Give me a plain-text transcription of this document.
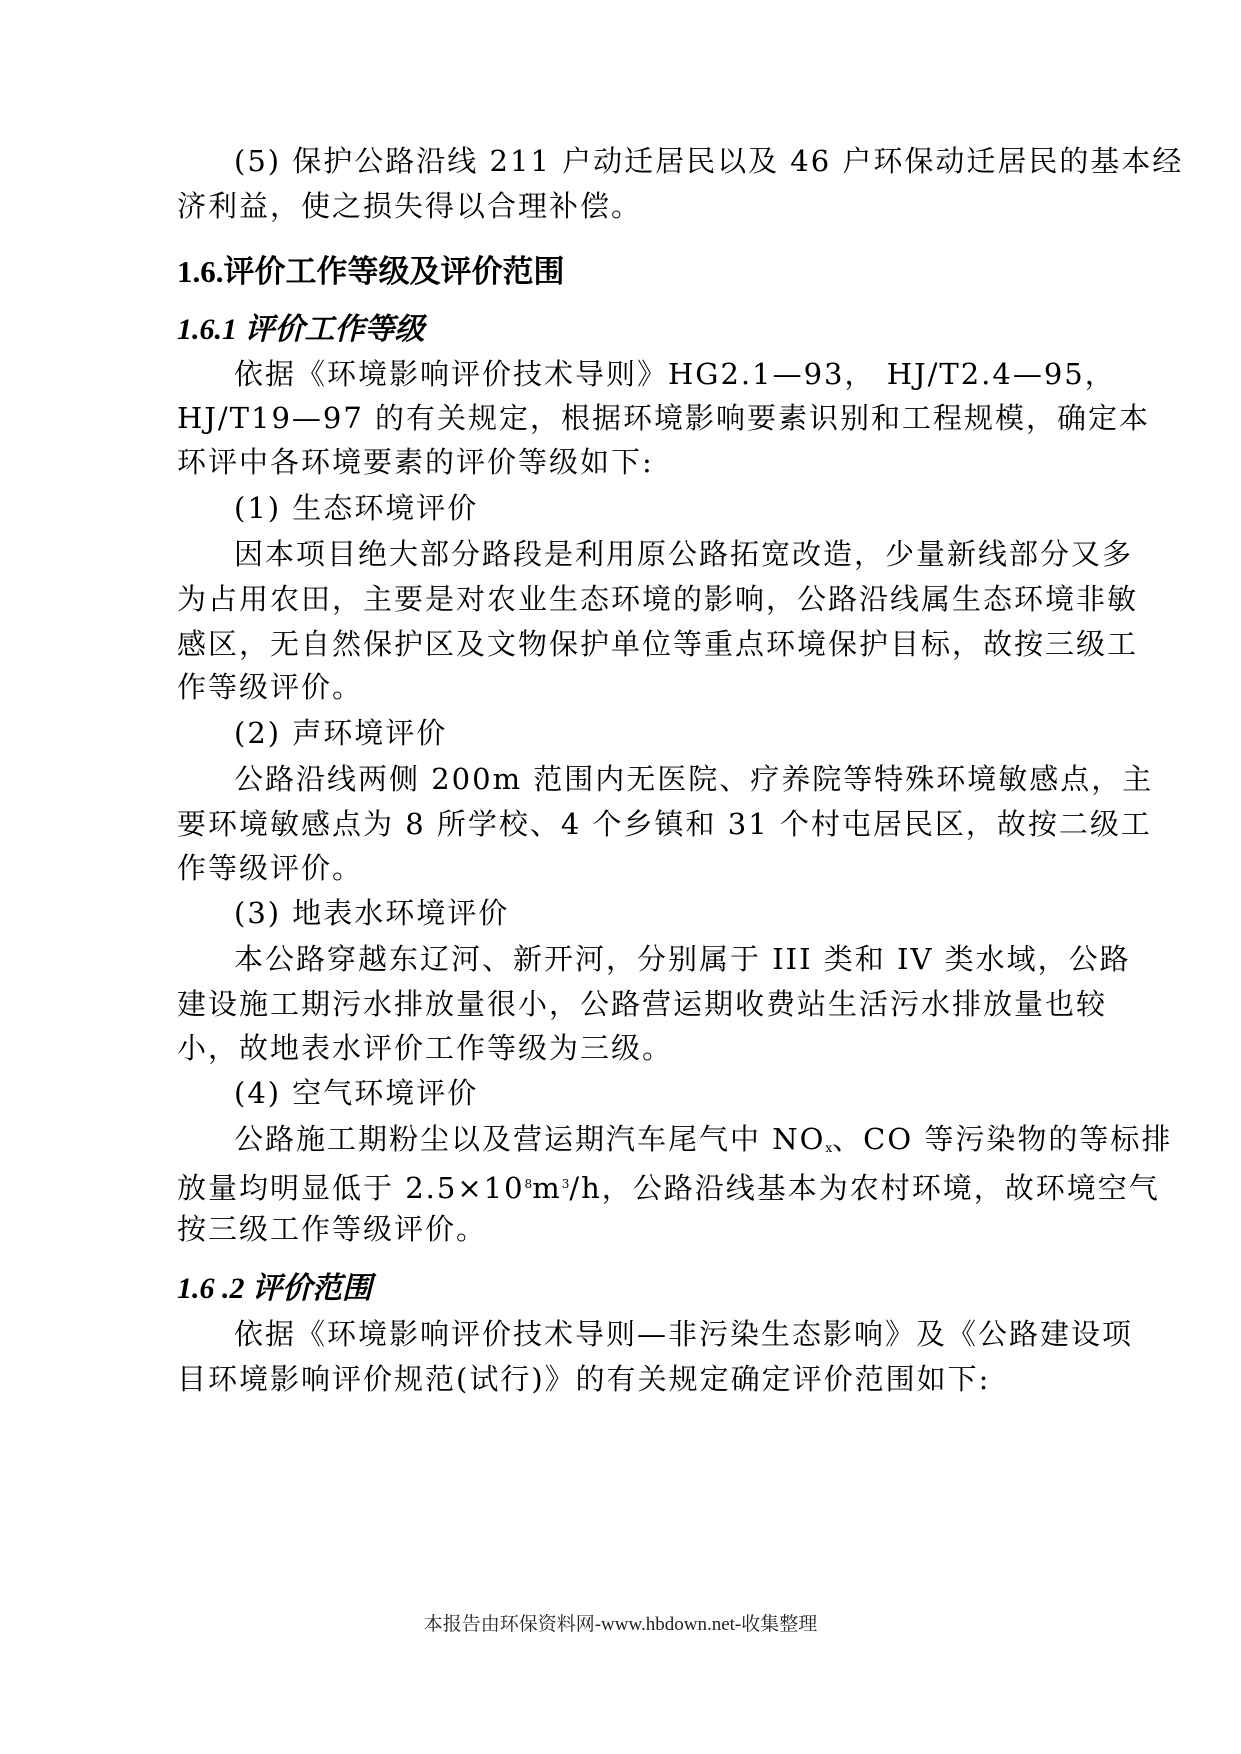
(5) 保护公路沿线 211 户动迁居民以及 46 户环保动迁居民的基本经
济利益，使之损失得以合理补偿。
1.6.评价工作等级及评价范围
1.6.1 评价工作等级
依据《环境影响评价技术导则》HG2.1—93， HJ/T2.4—95，
HJ/T19—97 的有关规定，根据环境影响要素识别和工程规模，确定本
环评中各环境要素的评价等级如下:
(1) 生态环境评价
因本项目绝大部分路段是利用原公路拓宽改造，少量新线部分又多
为占用农田，主要是对农业生态环境的影响，公路沿线属生态环境非敏
感区，无自然保护区及文物保护单位等重点环境保护目标，故按三级工
作等级评价。
(2) 声环境评价
公路沿线两侧 200m 范围内无医院、疗养院等特殊环境敏感点，主
要环境敏感点为 8 所学校、4 个乡镇和 31 个村屯居民区，故按二级工
作等级评价。
(3) 地表水环境评价
本公路穿越东辽河、新开河，分别属于 III 类和 IV 类水域，公路
建设施工期污水排放量很小，公路营运期收费站生活污水排放量也较
小，故地表水评价工作等级为三级。
(4) 空气环境评价
公路施工期粉尘以及营运期汽车尾气中 $NO_x$、CO 等污染物的等标排
放量均明显低于 $2.5\times 10^8m^3/h$，公路沿线基本为农村环境，故环境空气
按三级工作等级评价。
1.6 .2 评价范围
依据《环境影响评价技术导则—非污染生态影响》及《公路建设项
目环境影响评价规范(试行)》的有关规定确定评价范围如下:
本报告由环保资料网-www.hbdown.net-收集整理
